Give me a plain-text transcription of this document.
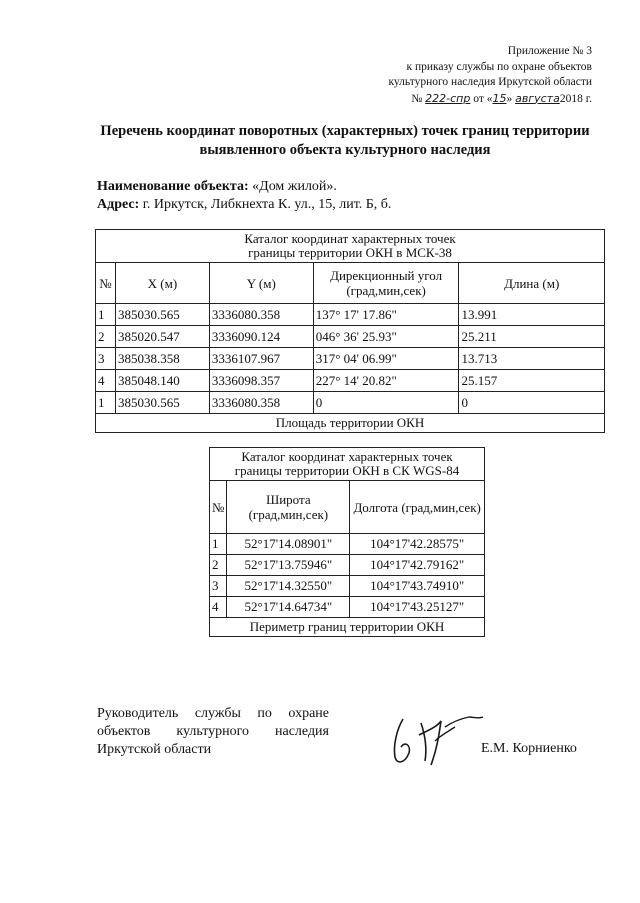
Приложение № 3
к приказу службы по охране объектов
культурного наследия Иркутской области
№ 222-спр от «15» августа2018 г.
Перечень координат поворотных (характерных) точек границ территории выявленного объекта культурного наследия
Наименование объекта: «Дом жилой».
Адрес: г. Иркутск, Либкнехта К. ул., 15, лит. Б, б.
Каталог координат характерных точек
границы территории ОКН в МСК-38				

№	X (м)	Y (м)	Дирекционный угол (град,мин,сек)	Длина (м)
1	385030.565	3336080.358	137° 17' 17.86"	13.991
2	385020.547	3336090.124	046° 36' 25.93"	25.211
3	385038.358	3336107.967	317° 04' 06.99"	13.713
4	385048.140	3336098.357	227° 14' 20.82"	25.157
1	385030.565	3336080.358	0	0
Площадь территории ОКН				
Каталог координат характерных точек
границы территории ОКН в СК WGS-84		

№	Широта (град,мин,сек)	Долгота (град,мин,сек)
1	52°17'14.08901"	104°17'42.28575"
2	52°17'13.75946"	104°17'42.79162"
3	52°17'14.32550"	104°17'43.74910"
4	52°17'14.64734"	104°17'43.25127"
Периметр границ территории ОКН		
Руководитель службы по охране объектов культурного наследия Иркутской области	Е.М. Корниенко
